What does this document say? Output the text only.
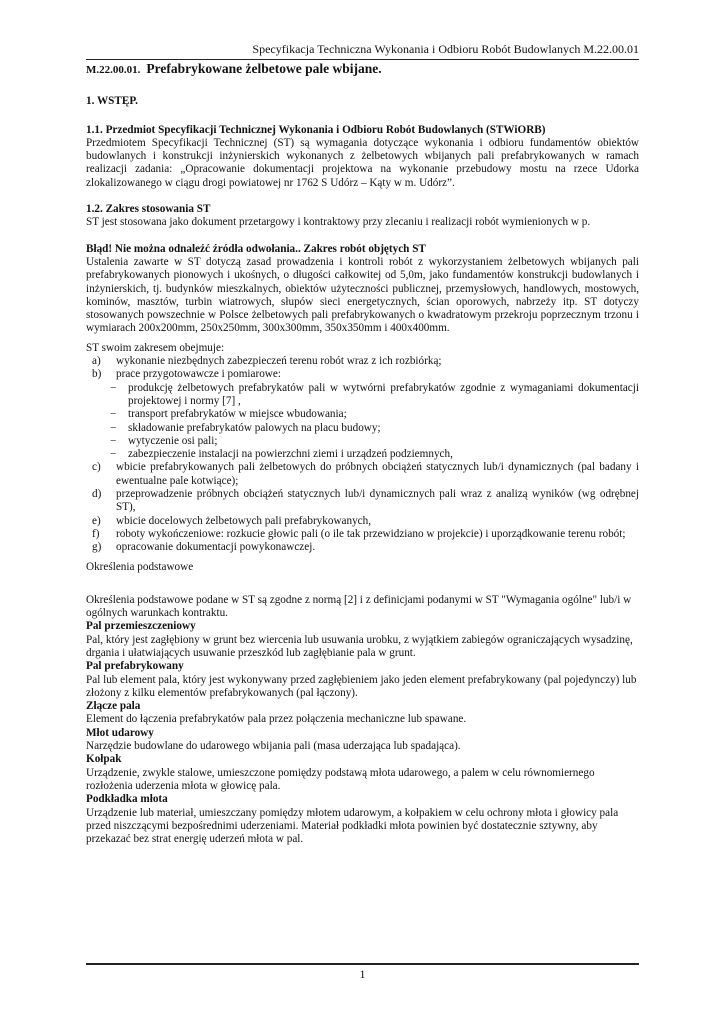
Specyfikacja Techniczna Wykonania i Odbioru Robót Budowlanych M.22.00.01
M.22.00.01. Prefabrykowane żelbetowe pale wbijane.
1. WSTĘP.
1.1. Przedmiot Specyfikacji Technicznej Wykonania i Odbioru Robót Budowlanych (STWiORB)

Przedmiotem Specyfikacji Technicznej (ST) są wymagania dotyczące wykonania i odbioru fundamentów obiektów budowlanych i konstrukcji inżynierskich wykonanych z żelbetowych wbijanych pali prefabrykowanych w ramach realizacji zadania: „Opracowanie dokumentacji projektowa na wykonanie przebudowy mostu na rzece Udorka zlokalizowanego w ciągu drogi powiatowej nr 1762 S Udórz – Kąty w m. Udórz”.

1.2. Zakres stosowania ST

ST jest stosowana jako dokument przetargowy i kontraktowy przy zlecaniu i realizacji robót wymienionych w p.

Błąd! Nie można odnaleźć źródła odwołania.. Zakres robót objętych ST

Ustalenia zawarte w ST dotyczą zasad prowadzenia i kontroli robót z wykorzystaniem żelbetowych wbijanych pali prefabrykowanych pionowych i ukośnych, o długości całkowitej od 5,0m, jako fundamentów konstrukcji budowlanych i inżynierskich, tj. budynków mieszkalnych, obiektów użyteczności publicznej, przemysłowych, handlowych, mostowych, kominów, masztów, turbin wiatrowych, słupów sieci energetycznych, ścian oporowych, nabrzeży itp. ST dotyczy stosowanych powszechnie w Polsce żelbetowych pali prefabrykowanych o kwadratowym przekroju poprzecznym trzonu i wymiarach 200x200mm, 250x250mm, 300x300mm, 350x350mm i 400x400mm.

ST swoim zakresem obejmuje:

a)	wykonanie niezbędnych zabezpieczeń terenu robót wraz z ich rozbiórką;
b)	prace przygotowawcze i pomiarowe:
−	produkcję żelbetowych prefabrykatów pali w wytwórni prefabrykatów zgodnie z wymaganiami dokumentacji projektowej i normy [7] ,
−	transport prefabrykatów w miejsce wbudowania;
−	składowanie prefabrykatów palowych na placu budowy;
−	wytyczenie osi pali;
−	zabezpieczenie instalacji na powierzchni ziemi i urządzeń podziemnych,
c)	wbicie prefabrykowanych pali żelbetowych do próbnych obciążeń statycznych lub/i dynamicznych (pal badany i ewentualne pale kotwiące);
d)	przeprowadzenie próbnych obciążeń statycznych lub/i dynamicznych pali wraz z analizą wyników (wg odrębnej ST),
e)	wbicie docelowych żelbetowych pali prefabrykowanych,
f)	roboty wykończeniowe: rozkucie głowic pali (o ile tak przewidziano w projekcie) i uporządkowanie terenu robót;
g)	opracowanie dokumentacji powykonawczej.

Określenia podstawowe

Określenia podstawowe podane w ST są zgodne z normą [2] i z definicjami podanymi w ST "Wymagania ogólne" lub/i w ogólnych warunkach kontraktu.

Pal przemieszczeniowy

Pal, który jest zagłębiony w grunt bez wiercenia lub usuwania urobku, z wyjątkiem zabiegów ograniczających wysadzinę, drgania i ułatwiających usuwanie przeszkód lub zagłębianie pala w grunt.

Pal prefabrykowany

Pal lub element pala, który jest wykonywany przed zagłębieniem jako jeden element prefabrykowany (pal pojedynczy) lub złożony z kilku elementów prefabrykowanych (pal łączony).

Złącze pala

Element do łączenia prefabrykatów pala przez połączenia mechaniczne lub spawane.

Młot udarowy

Narzędzie budowlane do udarowego wbijania pali (masa uderzająca lub spadająca).

Kołpak

Urządzenie, zwykle stalowe, umieszczone pomiędzy podstawą młota udarowego, a palem w celu równomiernego rozłożenia uderzenia młota w głowicę pala.

Podkładka młota

Urządzenie lub materiał, umieszczany pomiędzy młotem udarowym, a kołpakiem w celu ochrony młota i głowicy pala przed niszczącymi bezpośrednimi uderzeniami. Materiał podkładki młota powinien być dostatecznie sztywny, aby przekazać bez strat energię uderzeń młota w pal.

1
